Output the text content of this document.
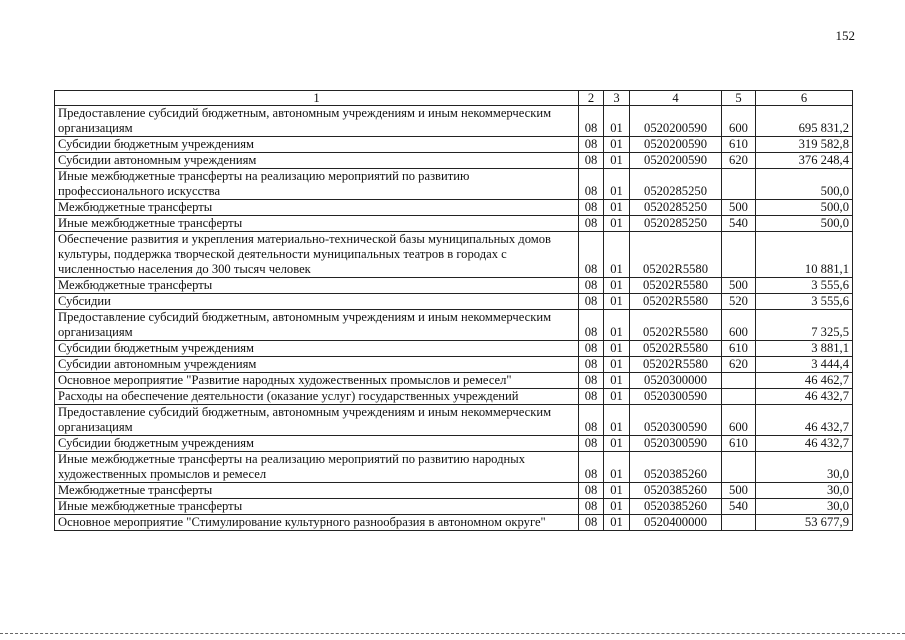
152
1	2	3	4	5	6
Предоставление субсидий бюджетным, автономным учреждениям и иным некоммерческим организациям	08	01	0520200590	600	695 831,2
Субсидии бюджетным учреждениям	08	01	0520200590	610	319 582,8
Субсидии автономным учреждениям	08	01	0520200590	620	376 248,4
Иные межбюджетные трансферты на реализацию мероприятий по развитию профессионального искусства	08	01	0520285250		500,0
Межбюджетные трансферты	08	01	0520285250	500	500,0
Иные межбюджетные трансферты	08	01	0520285250	540	500,0
Обеспечение развития и укрепления материально-технической базы муниципальных домов культуры, поддержка творческой деятельности муниципальных театров в городах с численностью населения до 300 тысяч человек	08	01	05202R5580		10 881,1
Межбюджетные трансферты	08	01	05202R5580	500	3 555,6
Субсидии	08	01	05202R5580	520	3 555,6
Предоставление субсидий бюджетным, автономным учреждениям и иным некоммерческим организациям	08	01	05202R5580	600	7 325,5
Субсидии бюджетным учреждениям	08	01	05202R5580	610	3 881,1
Субсидии автономным учреждениям	08	01	05202R5580	620	3 444,4
Основное мероприятие "Развитие народных художественных промыслов и ремесел"	08	01	0520300000		46 462,7
Расходы на обеспечение деятельности (оказание услуг) государственных учреждений	08	01	0520300590		46 432,7
Предоставление субсидий бюджетным, автономным учреждениям и иным некоммерческим организациям	08	01	0520300590	600	46 432,7
Субсидии бюджетным учреждениям	08	01	0520300590	610	46 432,7
Иные межбюджетные трансферты на реализацию мероприятий по развитию народных художественных промыслов и ремесел	08	01	0520385260		30,0
Межбюджетные трансферты	08	01	0520385260	500	30,0
Иные межбюджетные трансферты	08	01	0520385260	540	30,0
Основное мероприятие "Стимулирование культурного разнообразия в автономном округе"	08	01	0520400000		53 677,9
